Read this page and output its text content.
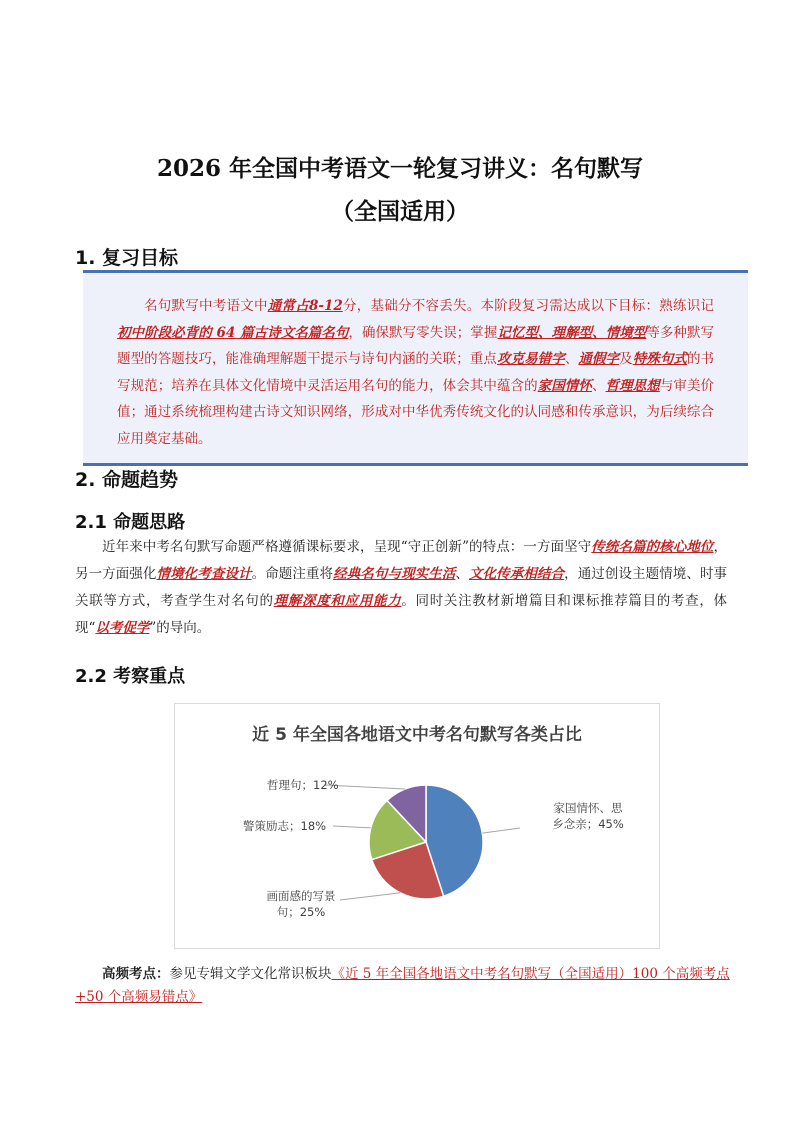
2026 年全国中考语文一轮复习讲义：名句默写
（全国适用）
1. 复习目标
名句默写中考语文中通常占8-12分，基础分不容丢失。本阶段复习需达成以下目标：熟练识记初中阶段必背的 64 篇古诗文名篇名句，确保默写零失误；掌握记忆型、理解型、情境型等多种默写题型的答题技巧，能准确理解题干提示与诗句内涵的关联；重点攻克易错字、通假字及特殊句式的书写规范；培养在具体文化情境中灵活运用名句的能力，体会其中蕴含的家国情怀、哲理思想与审美价值；通过系统梳理构建古诗文知识网络，形成对中华优秀传统文化的认同感和传承意识，为后续综合应用奠定基础。
2. 命题趋势
2.1 命题思路
近年来中考名句默写命题严格遵循课标要求，呈现“守正创新”的特点：一方面坚守传统名篇的核心地位，另一方面强化情境化考查设计。命题注重将经典名句与现实生活、文化传承相结合，通过创设主题情境、时事关联等方式，考查学生对名句的理解深度和应用能力。同时关注教材新增篇目和课标推荐篇目的考查，体现“以考促学”的导向。
2.2 考察重点
近 5 年全国各地语文中考名句默写各类占比
家国情怀、思
乡念亲；45%
画面感的写景
句；25%
警策励志；18%
哲理句；12%
高频考点：参见专辑文学文化常识板块《近 5 年全国各地语文中考名句默写（全国适用）100 个高频考点+50 个高频易错点》
